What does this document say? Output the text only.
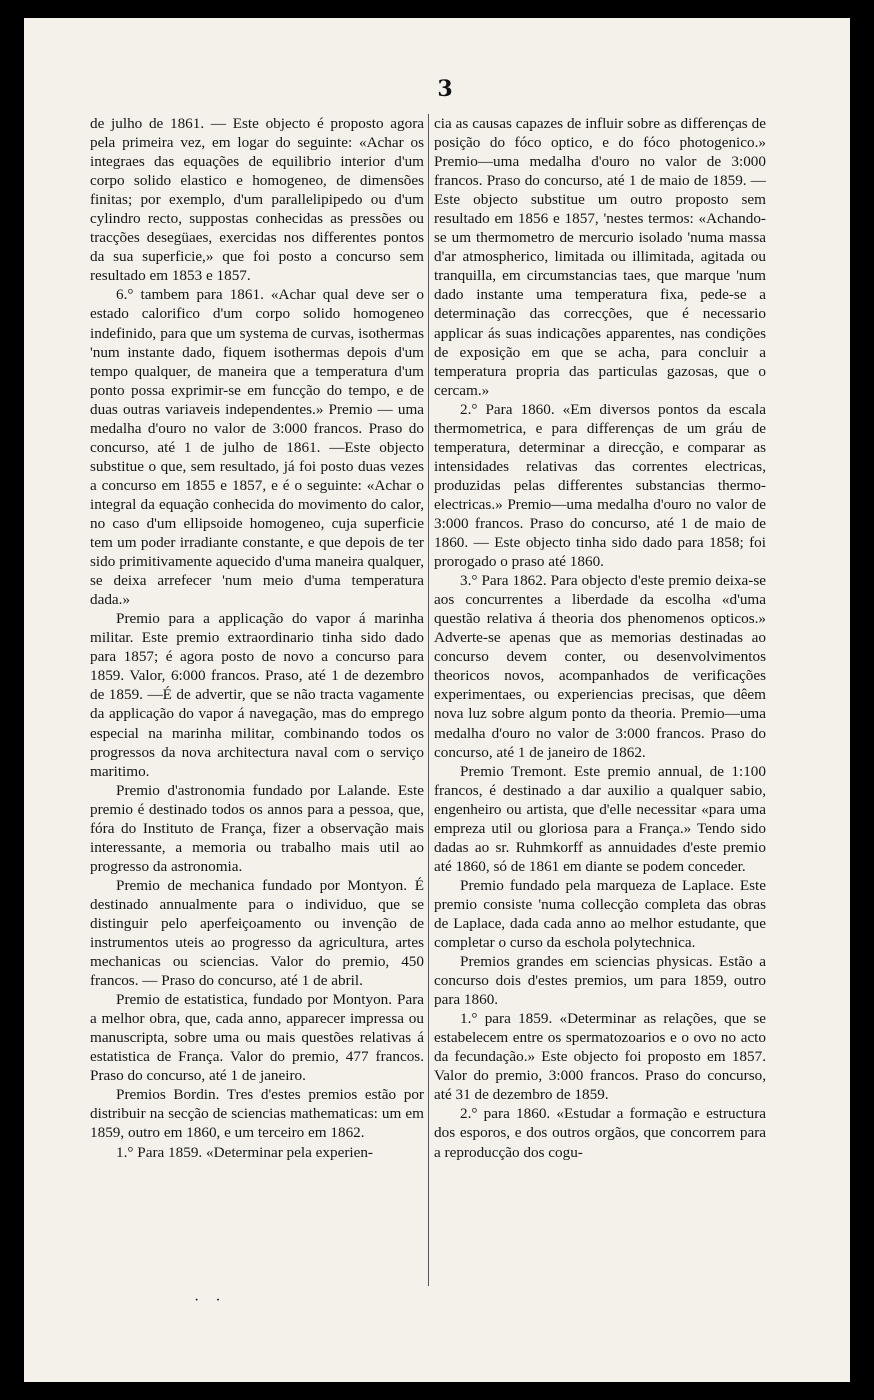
3

de julho de 1861. — Este objecto é proposto agora pela primeira vez, em logar do seguinte: «Achar os integraes das equações de equilibrio interior d'um corpo solido elastico e homogeneo, de dimensões finitas; por exemplo, d'um parallelipipedo ou d'um cylindro recto, suppostas conhecidas as pressões ou tracções desegüaes, exercidas nos differentes pontos da sua superficie,» que foi posto a concurso sem resultado em 1853 e 1857.

6.° tambem para 1861. «Achar qual deve ser o estado calorifico d'um corpo solido homogeneo indefinido, para que um systema de curvas, isothermas 'num instante dado, fiquem isothermas depois d'um tempo qualquer, de maneira que a temperatura d'um ponto possa exprimir-se em funcção do tempo, e de duas outras variaveis independentes.» Premio — uma medalha d'ouro no valor de 3:000 francos. Praso do concurso, até 1 de julho de 1861. —Este objecto substitue o que, sem resultado, já foi posto duas vezes a concurso em 1855 e 1857, e é o seguinte: «Achar o integral da equação conhecida do movimento do calor, no caso d'um ellipsoide homogeneo, cuja superficie tem um poder irradiante constante, e que depois de ter sido primitivamente aquecido d'uma maneira qualquer, se deixa arrefecer 'num meio d'uma temperatura dada.»

Premio para a applicação do vapor á marinha militar. Este premio extraordinario tinha sido dado para 1857; é agora posto de novo a concurso para 1859. Valor, 6:000 francos. Praso, até 1 de dezembro de 1859. —É de advertir, que se não tracta vagamente da applicação do vapor á navegação, mas do emprego especial na marinha militar, combinando todos os progressos da nova architectura naval com o serviço maritimo.

Premio d'astronomia fundado por Lalande. Este premio é destinado todos os annos para a pessoa, que, fóra do Instituto de França, fizer a observação mais interessante, a memoria ou trabalho mais util ao progresso da astronomia.

Premio de mechanica fundado por Montyon. É destinado annualmente para o individuo, que se distinguir pelo aperfeiçoamento ou invenção de instrumentos uteis ao progresso da agricultura, artes mechanicas ou sciencias. Valor do premio, 450 francos. — Praso do concurso, até 1 de abril.

Premio de estatistica, fundado por Montyon. Para a melhor obra, que, cada anno, apparecer impressa ou manuscripta, sobre uma ou mais questões relativas á estatistica de França. Valor do premio, 477 francos. Praso do concurso, até 1 de janeiro.

Premios Bordin. Tres d'estes premios estão por distribuir na secção de sciencias mathematicas: um em 1859, outro em 1860, e um terceiro em 1862.

1.° Para 1859. «Determinar pela experien-

cia as causas capazes de influir sobre as differenças de posição do fóco optico, e do fóco photogenico.» Premio—uma medalha d'ouro no valor de 3:000 francos. Praso do concurso, até 1 de maio de 1859. — Este objecto substitue um outro proposto sem resultado em 1856 e 1857, 'nestes termos: «Achando-se um thermometro de mercurio isolado 'numa massa d'ar atmospherico, limitada ou illimitada, agitada ou tranquilla, em circumstancias taes, que marque 'num dado instante uma temperatura fixa, pede-se a determinação das correcções, que é necessario applicar ás suas indicações apparentes, nas condições de exposição em que se acha, para concluir a temperatura propria das particulas gazosas, que o cercam.»

2.° Para 1860. «Em diversos pontos da escala thermometrica, e para differenças de um gráu de temperatura, determinar a direcção, e comparar as intensidades relativas das correntes electricas, produzidas pelas differentes substancias thermo-electricas.» Premio—uma medalha d'ouro no valor de 3:000 francos. Praso do concurso, até 1 de maio de 1860. — Este objecto tinha sido dado para 1858; foi prorogado o praso até 1860.

3.° Para 1862. Para objecto d'este premio deixa-se aos concurrentes a liberdade da escolha «d'uma questão relativa á theoria dos phenomenos opticos.» Adverte-se apenas que as memorias destinadas ao concurso devem conter, ou desenvolvimentos theoricos novos, acompanhados de verificações experimentaes, ou experiencias precisas, que dêem nova luz sobre algum ponto da theoria. Premio—uma medalha d'ouro no valor de 3:000 francos. Praso do concurso, até 1 de janeiro de 1862.

Premio Tremont. Este premio annual, de 1:100 francos, é destinado a dar auxilio a qualquer sabio, engenheiro ou artista, que d'elle necessitar «para uma empreza util ou gloriosa para a França.» Tendo sido dadas ao sr. Ruhmkorff as annuidades d'este premio até 1860, só de 1861 em diante se podem conceder.

Premio fundado pela marqueza de Laplace. Este premio consiste 'numa collecção completa das obras de Laplace, dada cada anno ao melhor estudante, que completar o curso da eschola polytechnica.

Premios grandes em sciencias physicas. Estão a concurso dois d'estes premios, um para 1859, outro para 1860.

1.° para 1859. «Determinar as relações, que se estabelecem entre os spermatozoarios e o ovo no acto da fecundação.» Este objecto foi proposto em 1857. Valor do premio, 3:000 francos. Praso do concurso, até 31 de dezembro de 1859.

2.° para 1860. «Estudar a formação e estructura dos esporos, e dos outros orgãos, que concorrem para a reproducção dos cogu-

· ·
